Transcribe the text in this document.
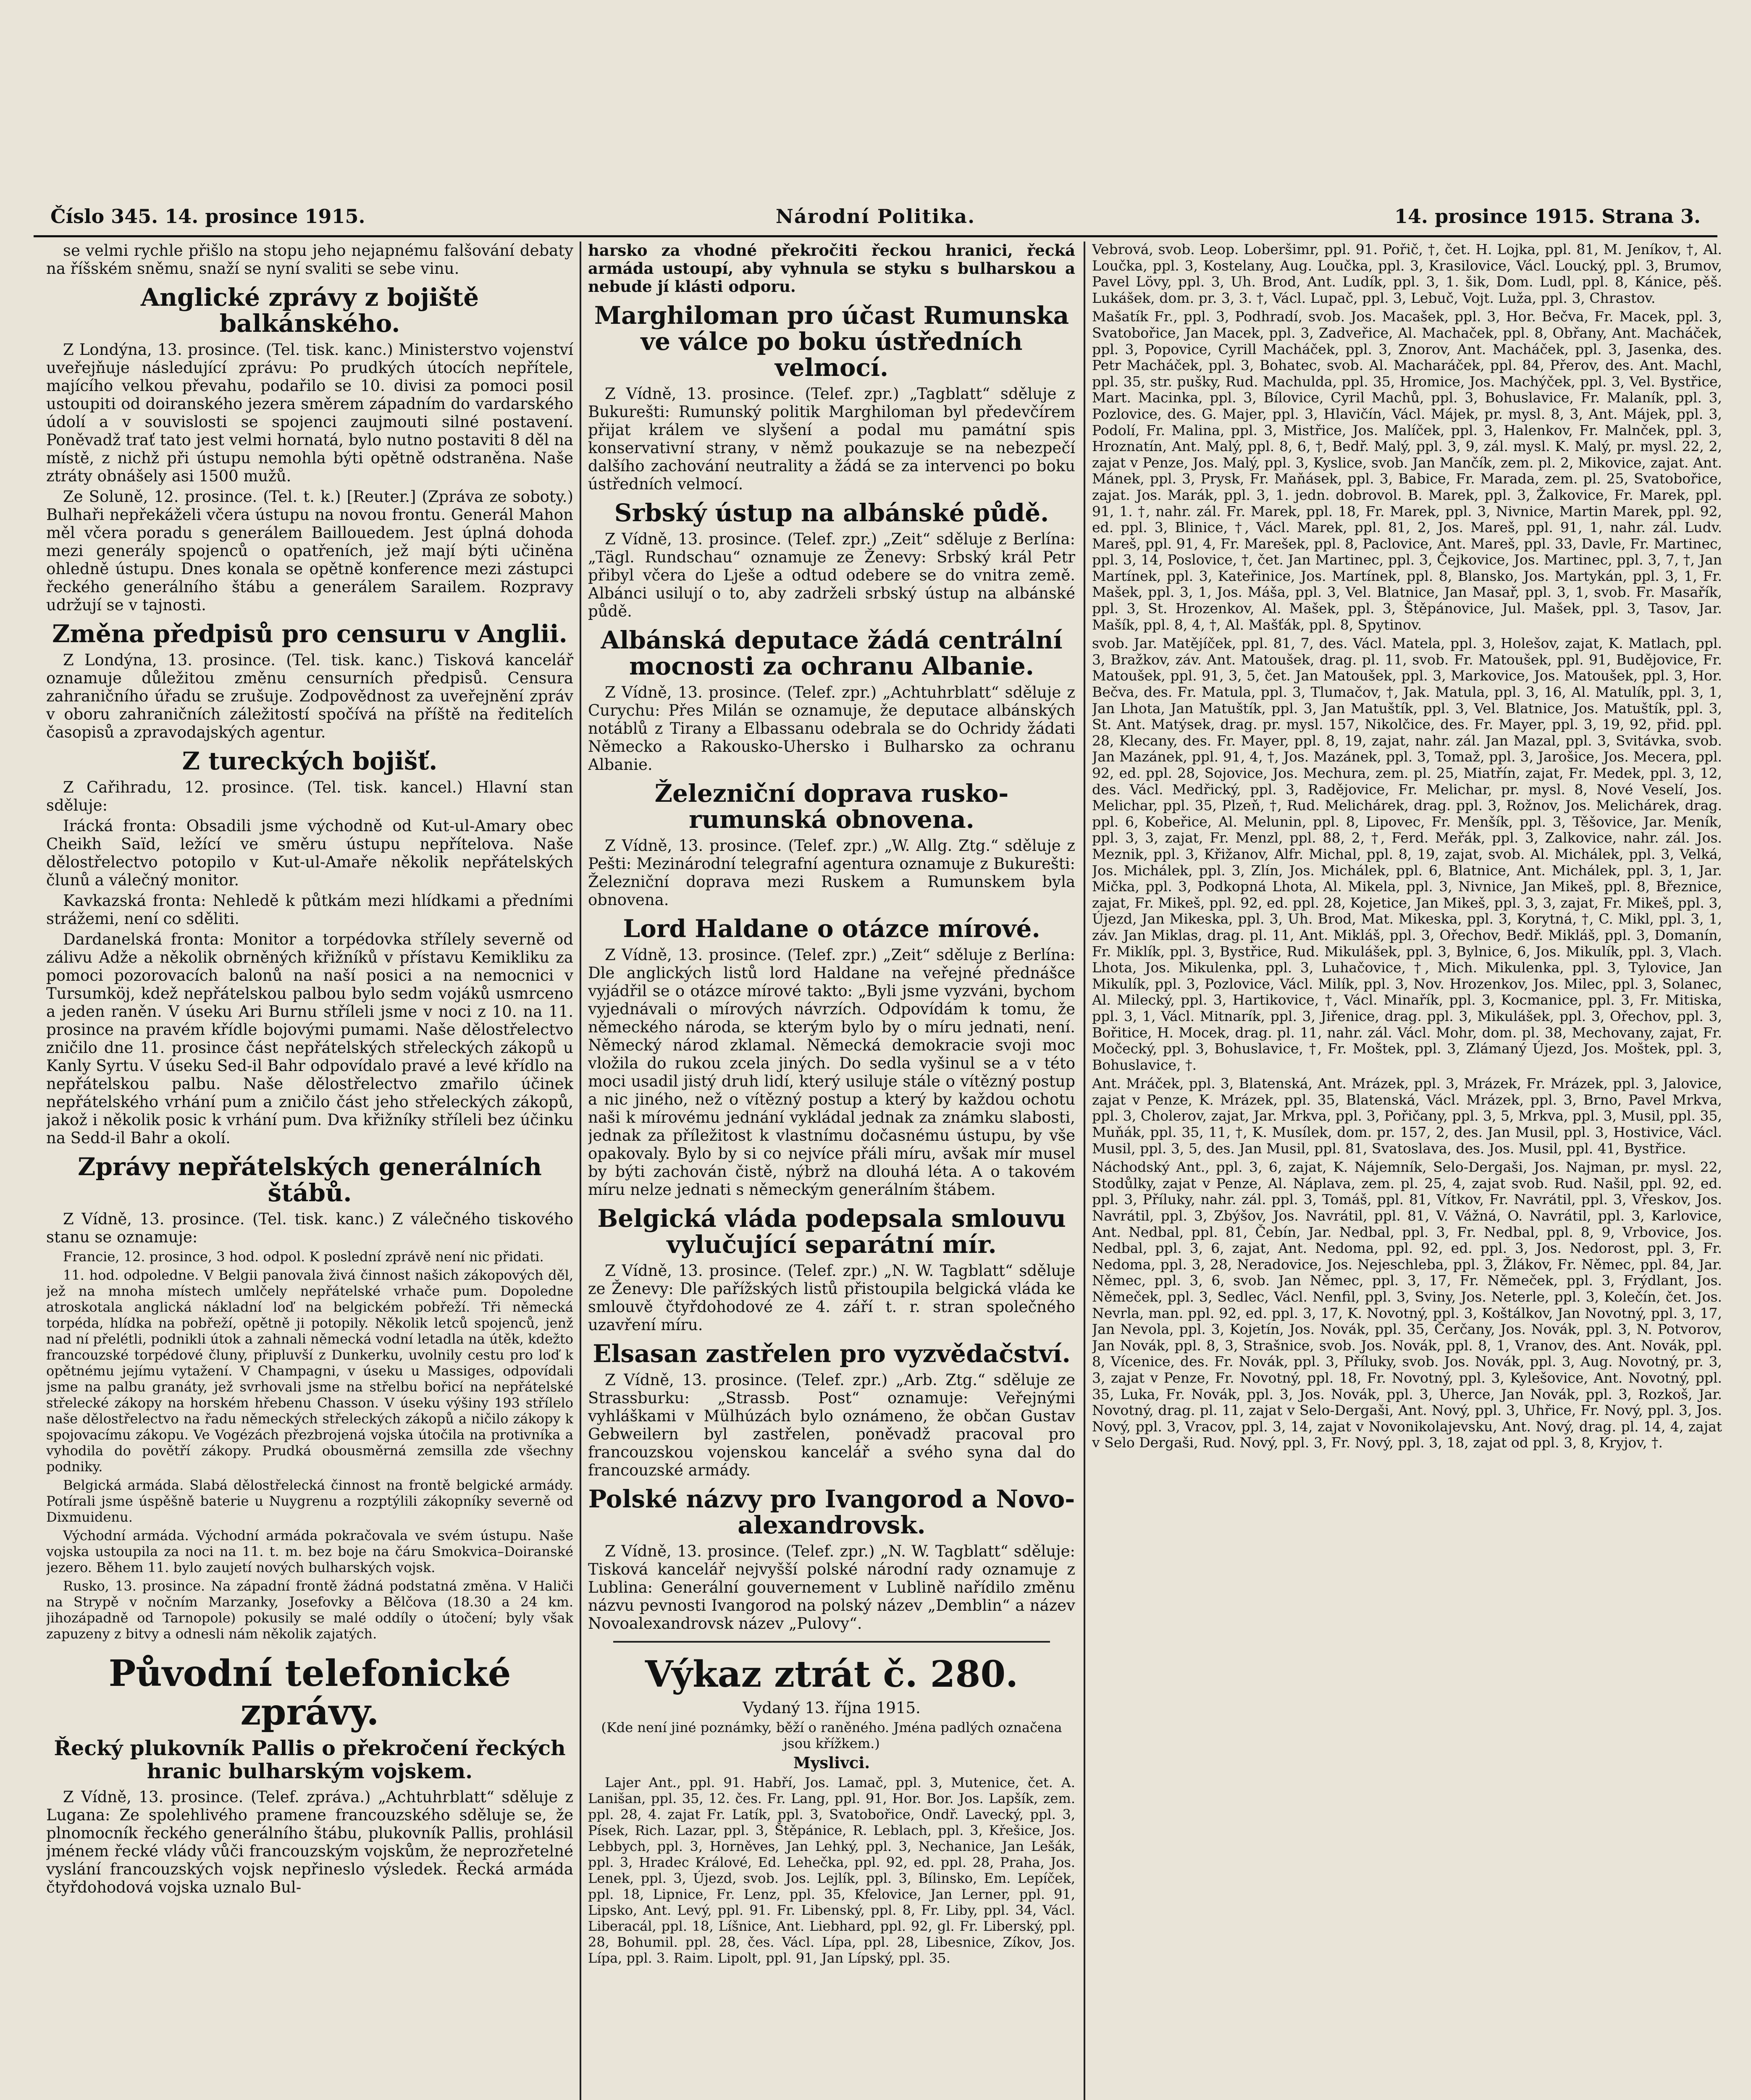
Číslo 345. 14. prosince 1915.	Národní Politika.	14. prosince 1915. Strana 3.

se velmi rychle přišlo na stopu jeho nejapnému falšování debaty na říšském sněmu, snaží se nyní svaliti se sebe vinu.

Anglické zprávy z bojiště balkánského.

Z Londýna, 13. prosince. (Tel. tisk. kanc.) Ministerstvo vojenství uveřejňuje následující zprávu: Po prudkých útocích nepřítele, majícího velkou převahu, podařilo se 10. divisi za pomoci posil ustoupiti od doiranského jezera směrem západním do vardarského údolí a v souvislosti se spojenci zaujmouti silné postavení. Poněvadž trať tato jest velmi hornatá, bylo nutno postaviti 8 děl na místě, z nichž při ústupu nemohla býti opětně odstraněna. Naše ztráty obnášely asi 1500 mužů.

Ze Soluně, 12. prosince. (Tel. t. k.) [Reuter.] (Zpráva ze soboty.) Bulhaři nepřekáželi včera ústupu na novou frontu. Generál Mahon měl včera poradu s generálem Baillouedem. Jest úplná dohoda mezi generály spojenců o opatřeních, jež mají býti učiněna ohledně ústupu. Dnes konala se opětně konference mezi zástupci řeckého generálního štábu a generálem Sarailem. Rozpravy udržují se v tajnosti.

Změna předpisů pro censuru v Anglii.

Z Londýna, 13. prosince. (Tel. tisk. kanc.) Tisková kancelář oznamuje důležitou změnu censurních předpisů. Censura zahraničního úřadu se zrušuje. Zodpovědnost za uveřejnění zpráv v oboru zahraničních záležitostí spočívá na příště na ředitelích časopisů a zpravodajských agentur.

Z tureckých bojišť.

Z Cařihradu, 12. prosince. (Tel. tisk. kancel.) Hlavní stan sděluje:

Irácká fronta: Obsadili jsme východně od Kut-ul-Amary obec Cheikh Saïd, ležící ve směru ústupu nepřítelova. Naše dělostřelectvo potopilo v Kut-ul-Amaře několik nepřátelských člunů a válečný monitor.

Kavkazská fronta: Nehledě k půtkám mezi hlídkami a předními strážemi, není co sděliti.

Dardanelská fronta: Monitor a torpédovka střílely severně od zálivu Adže a několik obrněných křižníků v přístavu Kemikliku za pomoci pozorovacích balonů na naší posici a na nemocnici v Tursumköj, kdež nepřátelskou palbou bylo sedm vojáků usmrceno a jeden raněn. V úseku Ari Burnu stříleli jsme v noci z 10. na 11. prosince na pravém křídle bojovými pumami. Naše dělostřelectvo zničilo dne 11. prosince část nepřátelských střeleckých zákopů u Kanly Syrtu. V úseku Sed-il Bahr odpovídalo pravé a levé křídlo na nepřátelskou palbu. Naše dělostřelectvo zmařilo účinek nepřátelského vrhání pum a zničilo část jeho střeleckých zákopů, jakož i několik posic k vrhání pum. Dva křižníky stříleli bez účinku na Sedd-il Bahr a okolí.

Zprávy nepřátelských generálních štábů.

Z Vídně, 13. prosince. (Tel. tisk. kanc.) Z válečného tiskového stanu se oznamuje:

Francie, 12. prosince, 3 hod. odpol. K poslední zprávě není nic přidati.

11. hod. odpoledne. V Belgii panovala živá činnost našich zákopových děl, jež na mnoha místech umlčely nepřátelské vrhače pum. Dopoledne atroskotala anglická nákladní loď na belgickém pobřeží. Tři německá torpéda, hlídka na pobřeží, opětně ji potopily. Několik letců spojenců, jenž nad ní přelétli, podnikli útok a zahnali německá vodní letadla na útěk, kdežto francouzské torpédové čluny, připluvší z Dunkerku, uvolnily cestu pro loď k opětnému jejímu vytažení. V Champagni, v úseku u Massiges, odpovídali jsme na palbu granáty, jež svrhovali jsme na střelbu bořicí na nepřátelské střelecké zákopy na horském hřebenu Chasson. V úseku výšiny 193 střílelo naše dělostřelectvo na řadu německých střeleckých zákopů a ničilo zákopy k spojovacímu zákopu. Ve Vogézách přezbrojená vojska útočila na protivníka a vyhodila do povětří zákopy. Prudká obousměrná zemsilla zde všechny podniky.

Belgická armáda. Slabá dělostřelecká činnost na frontě belgické armády. Potírali jsme úspěšně baterie u Nuygrenu a rozptýlili zákopníky severně od Dixmuidenu.

Východní armáda. Východní armáda pokračovala ve svém ústupu. Naše vojska ustoupila za noci na 11. t. m. bez boje na čáru Smokvica–Doiranské jezero. Během 11. bylo zaujetí nových bulharských vojsk.

Rusko, 13. prosince. Na západní frontě žádná podstatná změna. V Haliči na Strypě v nočním Marzanky, Josefovky a Bělčova (18.30 a 24 km. jihozápadně od Tarnopole) pokusily se malé oddíly o útočení; byly však zapuzeny z bitvy a odnesli nám několik zajatých.

Původní telefonické zprávy.
Řecký plukovník Pallis o překročení řeckých hranic bulharským vojskem.

Z Vídně, 13. prosince. (Telef. zpráva.) „Achtuhrblatt“ sděluje z Lugana: Ze spolehlivého pramene francouzského sděluje se, že plnomocník řeckého generálního štábu, plukovník Pallis, prohlásil jménem řecké vlády vůči francouzským vojskům, že neprozřetelné vyslání francouzských vojsk nepřineslo výsledek. Řecká armáda čtyřdohodová vojska uznalo Bul-

harsko za vhodné překročiti řeckou hranici, řecká armáda ustoupí, aby vyhnula se styku s bulharskou a nebude jí klásti odporu.

Marghiloman pro účast Rumunska ve válce po boku ústředních velmocí.

Z Vídně, 13. prosince. (Telef. zpr.) „Tagblatt“ sděluje z Bukurešti: Rumunský politik Marghiloman byl předevčírem přijat králem ve slyšení a podal mu památní spis konservativní strany, v němž poukazuje se na nebezpečí dalšího zachování neutrality a žádá se za intervenci po boku ústředních velmocí.

Srbský ústup na albánské půdě.

Z Vídně, 13. prosince. (Telef. zpr.) „Zeit“ sděluje z Berlína: „Tägl. Rundschau“ oznamuje ze Ženevy: Srbský král Petr přibyl včera do Lješe a odtud odebere se do vnitra země. Albánci usilují o to, aby zadrželi srbský ústup na albánské půdě.

Albánská deputace žádá centrální mocnosti za ochranu Albanie.

Z Vídně, 13. prosince. (Telef. zpr.) „Achtuhrblatt“ sděluje z Curychu: Přes Milán se oznamuje, že deputace albánských notáblů z Tirany a Elbassanu odebrala se do Ochridy žádati Německo a Rakousko-Uhersko i Bulharsko za ochranu Albanie.

Železniční doprava rusko-rumunská obnovena.

Z Vídně, 13. prosince. (Telef. zpr.) „W. Allg. Ztg.“ sděluje z Pešti: Mezinárodní telegrafní agentura oznamuje z Bukurešti: Železniční doprava mezi Ruskem a Rumunskem byla obnovena.

Lord Haldane o otázce mírové.

Z Vídně, 13. prosince. (Telef. zpr.) „Zeit“ sděluje z Berlína: Dle anglických listů lord Haldane na veřejné přednášce vyjádřil se o otázce mírové takto: „Byli jsme vyzváni, bychom vyjednávali o mírových návrzích. Odpovídám k tomu, že německého národa, se kterým bylo by o míru jednati, není. Německý národ zklamal. Německá demokracie svoji moc vložila do rukou zcela jiných. Do sedla vyšinul se a v této moci usadil jistý druh lidí, který usiluje stále o vítězný postup a nic jiného, než o vítězný postup a který by každou ochotu naši k mírovému jednání vykládal jednak za známku slabosti, jednak za příležitost k vlastnímu dočasnému ústupu, by vše opakovaly. Bylo by si co nejvíce přáli míru, avšak mír musel by býti zachován čistě, nýbrž na dlouhá léta. A o takovém míru nelze jednati s německým generálním štábem.

Belgická vláda podepsala smlouvu vylučující separátní mír.

Z Vídně, 13. prosince. (Telef. zpr.) „N. W. Tagblatt“ sděluje ze Ženevy: Dle pařížských listů přistoupila belgická vláda ke smlouvě čtyřdohodové ze 4. září t. r. stran společného uzavření míru.

Elsasan zastřelen pro vyzvědačství.

Z Vídně, 13. prosince. (Telef. zpr.) „Arb. Ztg.“ sděluje ze Strassburku: „Strassb. Post“ oznamuje: Veřejnými vyhláškami v Mülhúzách bylo oznámeno, že občan Gustav Gebweilern byl zastřelen, poněvadž pracoval pro francouzskou vojenskou kancelář a svého syna dal do francouzské armády.

Polské názvy pro Ivangorod a Novo-alexandrovsk.

Z Vídně, 13. prosince. (Telef. zpr.) „N. W. Tagblatt“ sděluje: Tisková kancelář nejvyšší polské národní rady oznamuje z Lublina: Generální gouvernement v Lublině nařídilo změnu názvu pevnosti Ivangorod na polský název „Demblin“ a název Novoalexandrovsk název „Pulovy“.

Výkaz ztrát č. 280.

Vydaný 13. října 1915.

(Kde není jiné poznámky, běží o raněného. Jména padlých označena jsou křížkem.)

Myslivci.

Lajer Ant., ppl. 91. Habří, Jos. Lamač, ppl. 3, Mutenice, čet. A. Lanišan, ppl. 35, 12. čes. Fr. Lang, ppl. 91, Hor. Bor. Jos. Lapšík, zem. ppl. 28, 4. zajat Fr. Latík, ppl. 3, Svatobořice, Ondř. Lavecký, ppl. 3, Písek, Rich. Lazar, ppl. 3, Štěpánice, R. Leblach, ppl. 3, Křešice, Jos. Lebbych, ppl. 3, Horněves, Jan Lehký, ppl. 3, Nechanice, Jan Lešák, ppl. 3, Hradec Králové, Ed. Lehečka, ppl. 92, ed. ppl. 28, Praha, Jos. Lenek, ppl. 3, Újezd, svob. Jos. Lejlík, ppl. 3, Bílinsko, Em. Lepíček, ppl. 18, Lipnice, Fr. Lenz, ppl. 35, Kfelovice, Jan Lerner, ppl. 91, Lipsko, Ant. Levý, ppl. 91. Fr. Libenský, ppl. 8, Fr. Liby, ppl. 34, Václ. Liberacál, ppl. 18, Líšnice, Ant. Liebhard, ppl. 92, gl. Fr. Liberský, ppl. 28, Bohumil. ppl. 28, čes. Václ. Lípa, ppl. 28, Libesnice, Zíkov, Jos. Lípa, ppl. 3. Raim. Lipolt, ppl. 91, Jan Lípský, ppl. 35.

Vebrová, svob. Leop. Loberšimr, ppl. 91. Pořič, †, čet. H. Lojka, ppl. 81, M. Jeníkov, †, Al. Loučka, ppl. 3, Kostelany, Aug. Loučka, ppl. 3, Krasilovice, Václ. Loucký, ppl. 3, Brumov, Pavel Lövy, ppl. 3, Uh. Brod, Ant. Ludík, ppl. 3, 1. šik, Dom. Ludl, ppl. 8, Kánice, pěš. Lukášek, dom. pr. 3, 3. †, Václ. Lupač, ppl. 3, Lebuč, Vojt. Luža, ppl. 3, Chrastov.

Mašatík Fr., ppl. 3, Podhradí, svob. Jos. Macašek, ppl. 3, Hor. Bečva, Fr. Macek, ppl. 3, Svatobořice, Jan Macek, ppl. 3, Zadveřice, Al. Machaček, ppl. 8, Obřany, Ant. Macháček, ppl. 3, Popovice, Cyrill Macháček, ppl. 3, Znorov, Ant. Macháček, ppl. 3, Jasenka, des. Petr Macháček, ppl. 3, Bohatec, svob. Al. Macharáček, ppl. 84, Přerov, des. Ant. Machl, ppl. 35, str. pušky, Rud. Machulda, ppl. 35, Hromice, Jos. Machýček, ppl. 3, Vel. Bystřice, Mart. Macinka, ppl. 3, Bílovice, Cyril Machů, ppl. 3, Bohuslavice, Fr. Malaník, ppl. 3, Pozlovice, des. G. Majer, ppl. 3, Hlavičín, Václ. Májek, pr. mysl. 8, 3, Ant. Májek, ppl. 3, Podolí, Fr. Malina, ppl. 3, Mistřice, Jos. Malíček, ppl. 3, Halenkov, Fr. Malnček, ppl. 3, Hroznatín, Ant. Malý, ppl. 8, 6, †, Bedř. Malý, ppl. 3, 9, zál. mysl. K. Malý, pr. mysl. 22, 2, zajat v Penze, Jos. Malý, ppl. 3, Kyslice, svob. Jan Mančík, zem. pl. 2, Mikovice, zajat. Ant. Mánek, ppl. 3, Prysk, Fr. Maňásek, ppl. 3, Babice, Fr. Marada, zem. pl. 25, Svatobořice, zajat. Jos. Marák, ppl. 3, 1. jedn. dobrovol. B. Marek, ppl. 3, Žalkovice, Fr. Marek, ppl. 91, 1. †, nahr. zál. Fr. Marek, ppl. 18, Fr. Marek, ppl. 3, Nivnice, Martin Marek, ppl. 92, ed. ppl. 3, Blinice, †, Václ. Marek, ppl. 81, 2, Jos. Mareš, ppl. 91, 1, nahr. zál. Ludv. Mareš, ppl. 91, 4, Fr. Marešek, ppl. 8, Paclovice, Ant. Mareš, ppl. 33, Davle, Fr. Martinec, ppl. 3, 14, Poslovice, †, čet. Jan Martinec, ppl. 3, Čejkovice, Jos. Martinec, ppl. 3, 7, †, Jan Martínek, ppl. 3, Kateřinice, Jos. Martínek, ppl. 8, Blansko, Jos. Martykán, ppl. 3, 1, Fr. Mašek, ppl. 3, 1, Jos. Máša, ppl. 3, Vel. Blatnice, Jan Masař, ppl. 3, 1, svob. Fr. Masařík, ppl. 3, St. Hrozenkov, Al. Mašek, ppl. 3, Štěpánovice, Jul. Mašek, ppl. 3, Tasov, Jar. Mašík, ppl. 8, 4, †, Al. Mašťák, ppl. 8, Spytinov.

svob. Jar. Matějíček, ppl. 81, 7, des. Václ. Matela, ppl. 3, Holešov, zajat, K. Matlach, ppl. 3, Bražkov, záv. Ant. Matoušek, drag. pl. 11, svob. Fr. Matoušek, ppl. 91, Budějovice, Fr. Matoušek, ppl. 91, 3, 5, čet. Jan Matoušek, ppl. 3, Markovice, Jos. Matoušek, ppl. 3, Hor. Bečva, des. Fr. Matula, ppl. 3, Tlumačov, †, Jak. Matula, ppl. 3, 16, Al. Matulík, ppl. 3, 1, Jan Lhota, Jan Matuštík, ppl. 3, Jan Matuštík, ppl. 3, Vel. Blatnice, Jos. Matuštík, ppl. 3, St. Ant. Matýsek, drag. pr. mysl. 157, Nikolčice, des. Fr. Mayer, ppl. 3, 19, 92, přid. ppl. 28, Klecany, des. Fr. Mayer, ppl. 8, 19, zajat, nahr. zál. Jan Mazal, ppl. 3, Svitávka, svob. Jan Mazánek, ppl. 91, 4, †, Jos. Mazánek, ppl. 3, Tomaž, ppl. 3, Jarošice, Jos. Mecera, ppl. 92, ed. ppl. 28, Sojovice, Jos. Mechura, zem. pl. 25, Miatřín, zajat, Fr. Medek, ppl. 3, 12, des. Václ. Medřický, ppl. 3, Radějovice, Fr. Melichar, pr. mysl. 8, Nové Veselí, Jos. Melichar, ppl. 35, Plzeň, †, Rud. Melichárek, drag. ppl. 3, Rožnov, Jos. Melichárek, drag. ppl. 6, Kobeřice, Al. Melunin, ppl. 8, Lipovec, Fr. Menšík, ppl. 3, Těšovice, Jar. Meník, ppl. 3, 3, zajat, Fr. Menzl, ppl. 88, 2, †, Ferd. Meřák, ppl. 3, Zalkovice, nahr. zál. Jos. Meznik, ppl. 3, Křižanov, Alfr. Michal, ppl. 8, 19, zajat, svob. Al. Michálek, ppl. 3, Velká, Jos. Michálek, ppl. 3, Zlín, Jos. Michálek, ppl. 6, Blatnice, Ant. Michálek, ppl. 3, 1, Jar. Mička, ppl. 3, Podkopná Lhota, Al. Mikela, ppl. 3, Nivnice, Jan Mikeš, ppl. 8, Březnice, zajat, Fr. Mikeš, ppl. 92, ed. ppl. 28, Kojetice, Jan Mikeš, ppl. 3, 3, zajat, Fr. Mikeš, ppl. 3, Újezd, Jan Mikeska, ppl. 3, Uh. Brod, Mat. Mikeska, ppl. 3, Korytná, †, C. Mikl, ppl. 3, 1, záv. Jan Miklas, drag. pl. 11, Ant. Mikláš, ppl. 3, Ořechov, Bedř. Mikláš, ppl. 3, Domanín, Fr. Miklík, ppl. 3, Bystřice, Rud. Mikulášek, ppl. 3, Bylnice, 6, Jos. Mikulík, ppl. 3, Vlach. Lhota, Jos. Mikulenka, ppl. 3, Luhačovice, †, Mich. Mikulenka, ppl. 3, Tylovice, Jan Mikulík, ppl. 3, Pozlovice, Václ. Milík, ppl. 3, Nov. Hrozenkov, Jos. Milec, ppl. 3, Solanec, Al. Milecký, ppl. 3, Hartikovice, †, Václ. Minařík, ppl. 3, Kocmanice, ppl. 3, Fr. Mitiska, ppl. 3, 1, Václ. Mitnarík, ppl. 3, Jiřenice, drag. ppl. 3, Mikulášek, ppl. 3, Ořechov, ppl. 3, Bořitice, H. Mocek, drag. pl. 11, nahr. zál. Václ. Mohr, dom. pl. 38, Mechovany, zajat, Fr. Močecký, ppl. 3, Bohuslavice, †, Fr. Moštek, ppl. 3, Zlámaný Újezd, Jos. Moštek, ppl. 3, Bohuslavice, †.

Ant. Mráček, ppl. 3, Blatenská, Ant. Mrázek, ppl. 3, Mrázek, Fr. Mrázek, ppl. 3, Jalovice, zajat v Penze, K. Mrázek, ppl. 35, Blatenská, Václ. Mrázek, ppl. 3, Brno, Pavel Mrkva, ppl. 3, Cholerov, zajat, Jar. Mrkva, ppl. 3, Pořičany, ppl. 3, 5, Mrkva, ppl. 3, Musil, ppl. 35, Muňák, ppl. 35, 11, †, K. Musílek, dom. pr. 157, 2, des. Jan Musil, ppl. 3, Hostivice, Václ. Musil, ppl. 3, 5, des. Jan Musil, ppl. 81, Svatoslava, des. Jos. Musil, ppl. 41, Bystřice.

Náchodský Ant., ppl. 3, 6, zajat, K. Nájemník, Selo-Dergaši, Jos. Najman, pr. mysl. 22, Stodůlky, zajat v Penze, Al. Náplava, zem. pl. 25, 4, zajat svob. Rud. Našil, ppl. 92, ed. ppl. 3, Příluky, nahr. zál. ppl. 3, Tomáš, ppl. 81, Vítkov, Fr. Navrátil, ppl. 3, Vřeskov, Jos. Navrátil, ppl. 3, Zbýšov, Jos. Navrátil, ppl. 81, V. Vážná, O. Navrátil, ppl. 3, Karlovice, Ant. Nedbal, ppl. 81, Čebín, Jar. Nedbal, ppl. 3, Fr. Nedbal, ppl. 8, 9, Vrbovice, Jos. Nedbal, ppl. 3, 6, zajat, Ant. Nedoma, ppl. 92, ed. ppl. 3, Jos. Nedorost, ppl. 3, Fr. Nedoma, ppl. 3, 28, Neradovice, Jos. Nejeschleba, ppl. 3, Žlákov, Fr. Němec, ppl. 84, Jar. Němec, ppl. 3, 6, svob. Jan Němec, ppl. 3, 17, Fr. Němeček, ppl. 3, Frýdlant, Jos. Němeček, ppl. 3, Sedlec, Václ. Nenfil, ppl. 3, Sviny, Jos. Neterle, ppl. 3, Kolečín, čet. Jos. Nevrla, man. ppl. 92, ed. ppl. 3, 17, K. Novotný, ppl. 3, Koštálkov, Jan Novotný, ppl. 3, 17, Jan Nevola, ppl. 3, Kojetín, Jos. Novák, ppl. 35, Čerčany, Jos. Novák, ppl. 3, N. Potvorov, Jan Novák, ppl. 8, 3, Strašnice, svob. Jos. Novák, ppl. 8, 1, Vranov, des. Ant. Novák, ppl. 8, Vícenice, des. Fr. Novák, ppl. 3, Příluky, svob. Jos. Novák, ppl. 3, Aug. Novotný, pr. 3, 3, zajat v Penze, Fr. Novotný, ppl. 18, Fr. Novotný, ppl. 3, Kylešovice, Ant. Novotný, ppl. 35, Luka, Fr. Novák, ppl. 3, Jos. Novák, ppl. 3, Uherce, Jan Novák, ppl. 3, Rozkoš, Jar. Novotný, drag. pl. 11, zajat v Selo-Dergaši, Ant. Nový, ppl. 3, Uhřice, Fr. Nový, ppl. 3, Jos. Nový, ppl. 3, Vracov, ppl. 3, 14, zajat v Novonikolajevsku, Ant. Nový, drag. pl. 14, 4, zajat v Selo Dergaši, Rud. Nový, ppl. 3, Fr. Nový, ppl. 3, 18, zajat od ppl. 3, 8, Kryjov, †.
